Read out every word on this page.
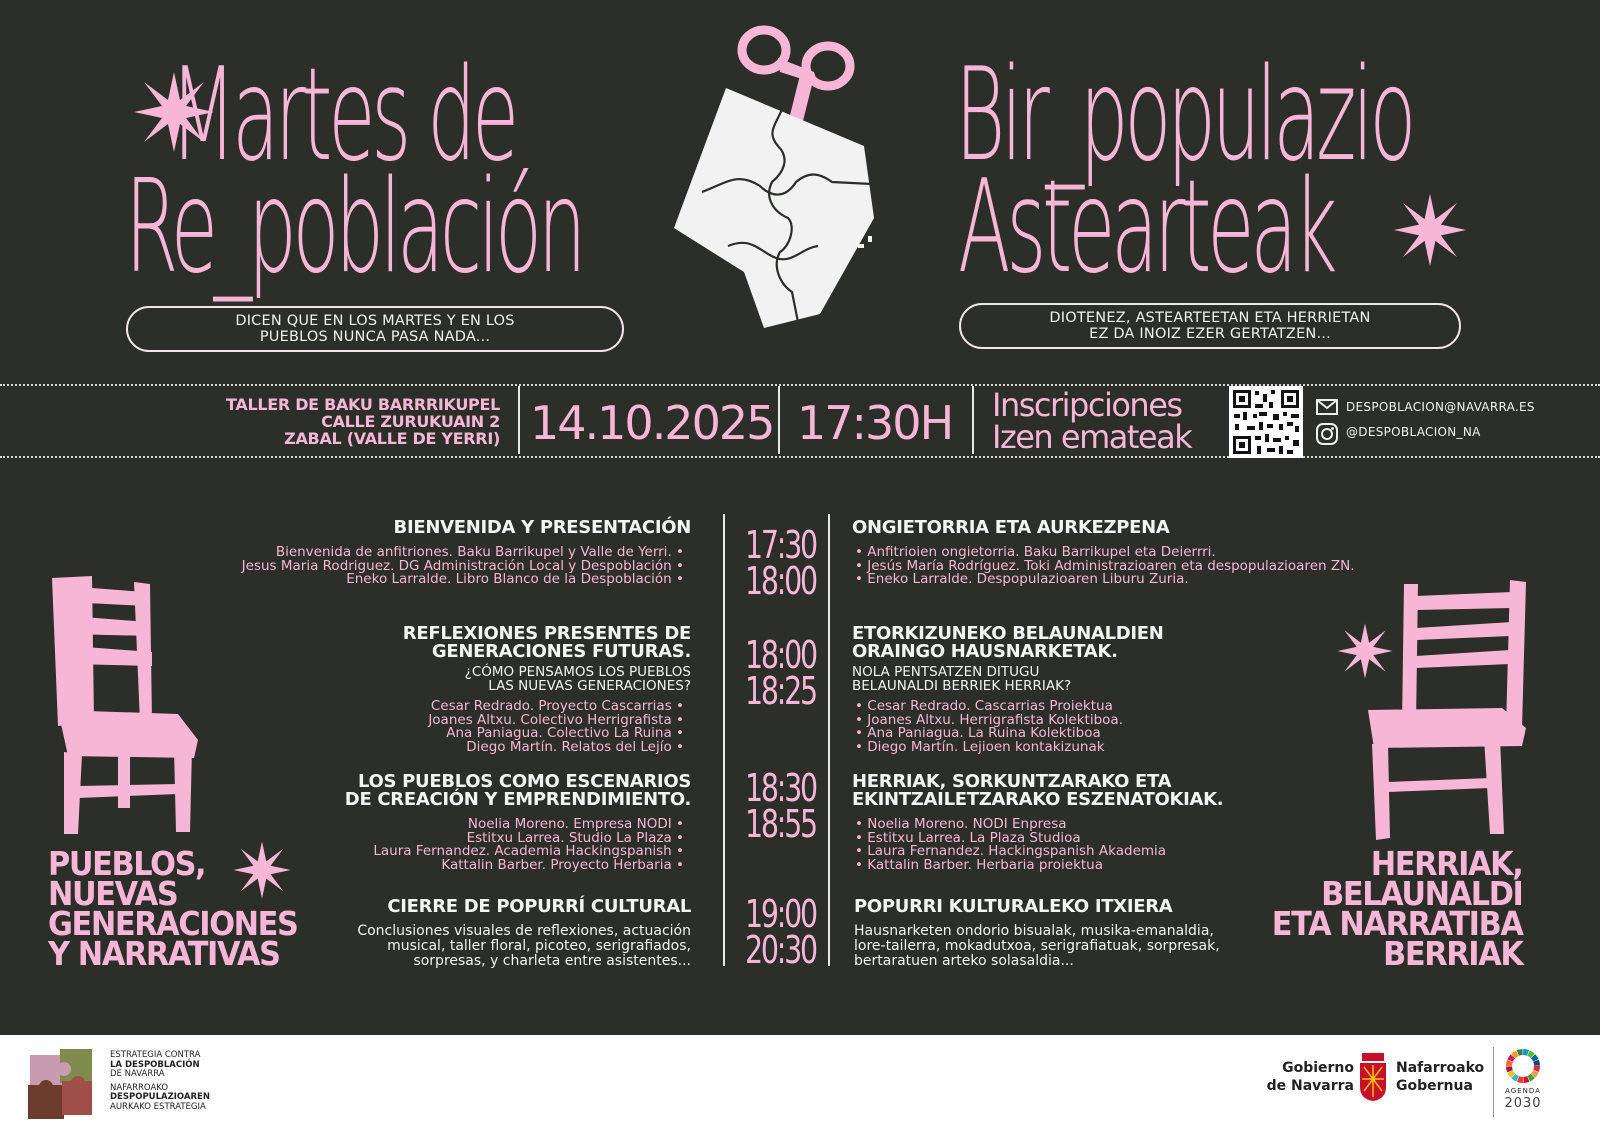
Martes de
Re_población
Bir_populazio
Astearteak
DICEN QUE EN LOS MARTES Y EN LOS
PUEBLOS NUNCA PASA NADA...
DIOTENEZ, ASTEARTEETAN ETA HERRIETAN
EZ DA INOIZ EZER GERTATZEN...
TALLER DE BAKU BARRRIKUPEL
CALLE ZURUKUAIN 2
ZABAL (VALLE DE YERRI) 14.10.2025 17:30H Inscripciones
Izen emateak
DESPOBLACION@NAVARRA.ES
@DESPOBLACION_NA
17:30
18:00
BIENVENIDA Y PRESENTACIÓN
Bienvenida de anfitriones. Baku Barrikupel y Valle de Yerri. •
Jesus Maria Rodriguez. DG Administración Local y Despoblación •
Eneko Larralde. Libro Blanco de la Despoblación •
ONGIETORRIA ETA AURKEZPENA
• Anfitrioien ongietorria. Baku Barrikupel eta Deierrri.
• Jesús María Rodríguez. Toki Administrazioaren eta despopulazioaren ZN.
• Eneko Larralde. Despopulazioaren Liburu Zuria.
18:00
18:25
REFLEXIONES PRESENTES DE
GENERACIONES FUTURAS.
¿CÓMO PENSAMOS LOS PUEBLOS
LAS NUEVAS GENERACIONES?
Cesar Redrado. Proyecto Cascarrias •
Joanes Altxu. Colectivo Herrigrafista •
Ana Paniagua. Colectivo La Ruina •
Diego Martín. Relatos del Lejío •
ETORKIZUNEKO BELAUNALDIEN
ORAINGO HAUSNARKETAK.
NOLA PENTSATZEN DITUGU
BELAUNALDI BERRIEK HERRIAK?
• Cesar Redrado. Cascarrias Proiektua
• Joanes Altxu. Herrigrafista Kolektiboa.
• Ana Paniagua. La Ruina Kolektiboa
• Diego Martín. Lejioen kontakizunak
18:30
18:55
LOS PUEBLOS COMO ESCENARIOS
DE CREACIÓN Y EMPRENDIMIENTO.
Noelia Moreno. Empresa NODI •
Estitxu Larrea. Studio La Plaza •
Laura Fernandez. Academia Hackingspanish •
Kattalin Barber. Proyecto Herbaria •
HERRIAK, SORKUNTZARAKO ETA
EKINTZAILETZARAKO ESZENATOKIAK.
• Noelia Moreno. NODI Enpresa
• Estitxu Larrea. La Plaza Studioa
• Laura Fernandez. Hackingspanish Akademia
• Kattalin Barber. Herbaria proiektua
19:00
20:30
CIERRE DE POPURRÍ CULTURAL
Conclusiones visuales de reflexiones, actuación
musical, taller floral, picoteo, serigrafiados,
sorpresas, y charleta entre asistentes...
POPURRI KULTURALEKO ITXIERA
Hausnarketen ondorio bisualak, musika-emanaldia,
lore-tailerra, mokadutxoa, serigrafiatuak, sorpresak,
bertaratuen arteko solasaldia...
PUEBLOS,
NUEVAS
GENERACIONES
Y NARRATIVAS
HERRIAK,
BELAUNALDI
ETA NARRATIBA
BERRIAK
ESTRATEGIA CONTRA
LA DESPOBLACIÓN
DE NAVARRA
NAFARROAKO
DESPOPULAZIOAREN
AURKAKO ESTRATEGIA
Gobierno
de Navarra
Nafarroako
Gobernua	AGENDA
2030
